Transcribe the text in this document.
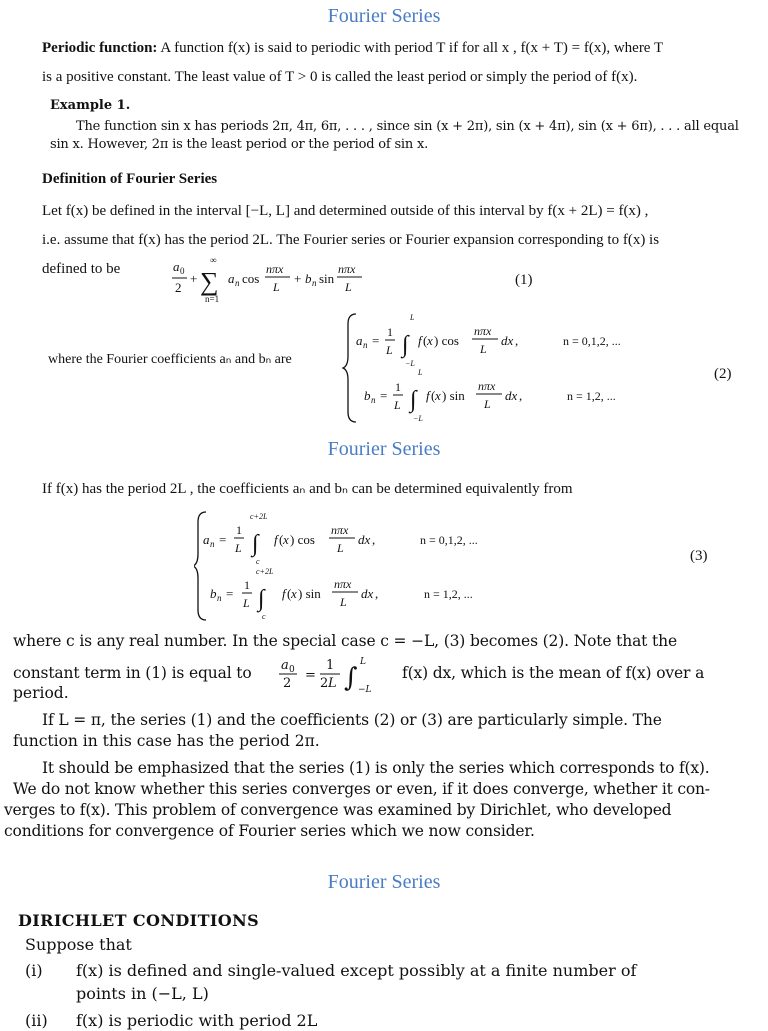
Fourier Series
Periodic function: A function f(x) is said to periodic with period T if for all x , f(x + T) = f(x), where T
is a positive constant. The least value of T > 0 is called the least period or simply the period of f(x).
Example 1.
The function sin x has periods 2π, 4π, 6π, . . . , since sin (x + 2π), sin (x + 4π), sin (x + 6π), . . . all equal
sin x. However, 2π is the least period or the period of sin x.
Definition of Fourier Series
Let f(x) be defined in the interval [−L, L] and determined outside of this interval by f(x + 2L) = f(x) ,
i.e. assume that f(x) has the period 2L. The Fourier series or Fourier expansion corresponding to f(x) is
defined to be	a 0
2
+
∞
∑
n=1
a n cos
nπx
L
+ b n sin
nπx
L	(1)
where the Fourier coefficients aₙ and bₙ are
a n =
1
L
L
∫
−L
f ( x ) cos
nπx
L
dx ,
b n =
1
L
L
∫
−L
f ( x ) sin
nπx
L
dx ,
n = 0,1,2, ...
n = 1,2, ...
(2)
Fourier Series
If f(x) has the period 2L , the coefficients aₙ and bₙ can be determined equivalently from
a n =
1
L
c+2L
∫
c
f ( x ) cos
nπx
L
dx ,
b n =
1
L
c+2L
∫
c
f ( x ) sin
nπx
L
dx ,
n = 0,1,2, ...
n = 1,2, ...
(3)
where c is any real number. In the special case c = −L, (3) becomes (2). Note that the
constant term in (1) is equal to a 0
2
=
1
2 L ∫
L
−L
f(x) dx, which is the mean of f(x) over a
period.
If L = π, the series (1) and the coefficients (2) or (3) are particularly simple. The
function in this case has the period 2π.
It should be emphasized that the series (1) is only the series which corresponds to f(x).
We do not know whether this series converges or even, if it does converge, whether it con-
verges to f(x). This problem of convergence was examined by Dirichlet, who developed
conditions for convergence of Fourier series which we now consider.
Fourier Series
DIRICHLET CONDITIONS
Suppose that
(i) f(x) is defined and single-valued except possibly at a finite number of
points in (−L, L)
(ii) f(x) is periodic with period 2L
